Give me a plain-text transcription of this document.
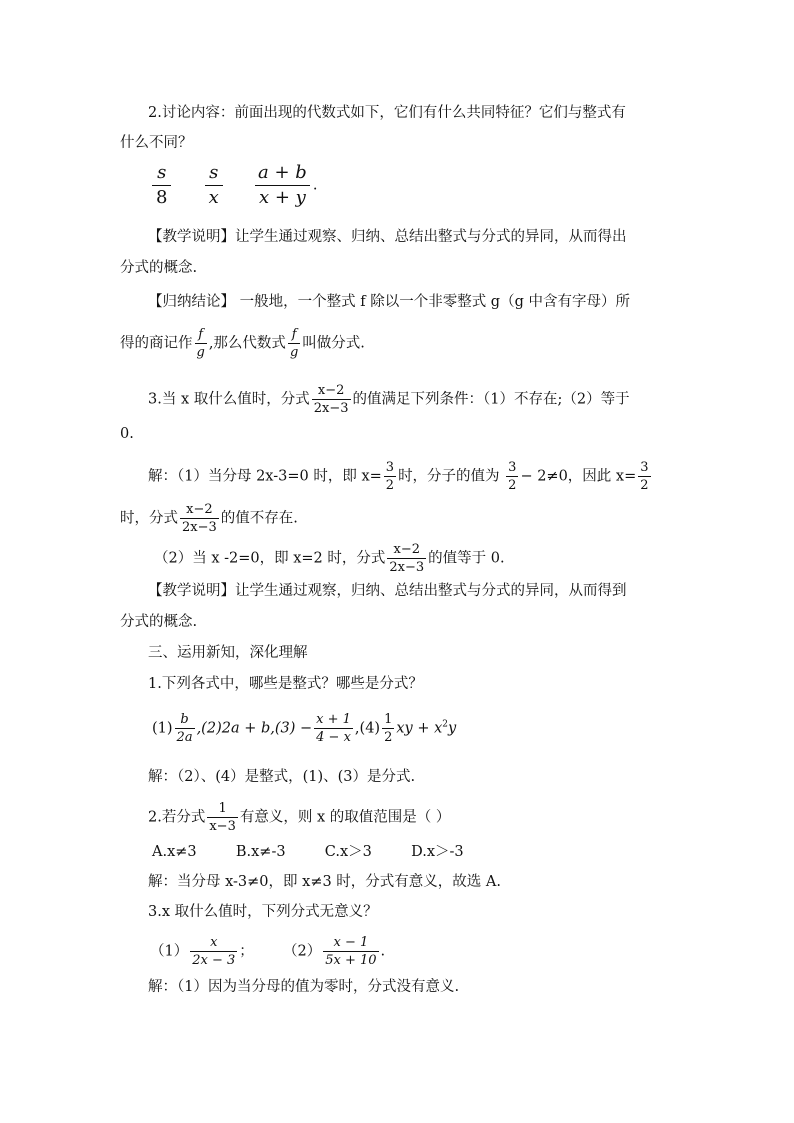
2.讨论内容：前面出现的代数式如下，它们有什么共同特征？它们与整式有
什么不同？
$\frac{s}{8}$
$\frac{s}{x}$
$\frac{a + b}{x + y}$ .
【教学说明】让学生通过观察、归纳、总结出整式与分式的异同，从而得出
分式的概念.
【归纳结论】 一般地，一个整式 f 除以一个非零整式 g（g 中含有字母）所
得的商记作 $\frac{f}{g}$ ,那么代数式 $\frac{f}{g}$ 叫做分式.
3.当 x 取什么值时，分式 $\frac{x-2}{2x-3}$ 的值满足下列条件：（1）不存在;（2）等于
0.
解：（1）当分母 2x-3=0 时，即 $x= \frac{3}{2}$ 时，分子的值为 $\frac{3}{2} - 2\ne 0$，因此 $x= \frac{3}{2}$
时，分式 $\frac{x-2}{2x-3}$ 的值不存在.
（2）当 x -2=0，即 x=2 时，分式 $\frac{x-2}{2x-3}$ 的值等于 0.
【教学说明】让学生通过观察，归纳、总结出整式与分式的异同，从而得到
分式的概念.
三、运用新知，深化理解
1.下列各式中，哪些是整式？哪些是分式？
$(1) \frac{b}{2a} ,(2)2a + b,(3) - \frac{x + 1}{4 - x} ,(4) \frac{1}{2}$ xy + $x^2y$
解：（2）、(4）是整式，(1)、(3）是分式.
2.若分式 $\frac{1}{x-3}$ 有意义，则 x 的取值范围是（ ）
A.x≠3	B.x≠-3	C.x＞3	D.x＞-3
解：当分母 x-3≠0，即 x≠3 时，分式有意义，故选 A.
3.x 取什么值时，下列分式无意义？
$(1) \frac{x}{2x - 3}$ ； $(2) \frac{x - 1}{5x + 10}$ .
解：（1）因为当分母的值为零时，分式没有意义.
